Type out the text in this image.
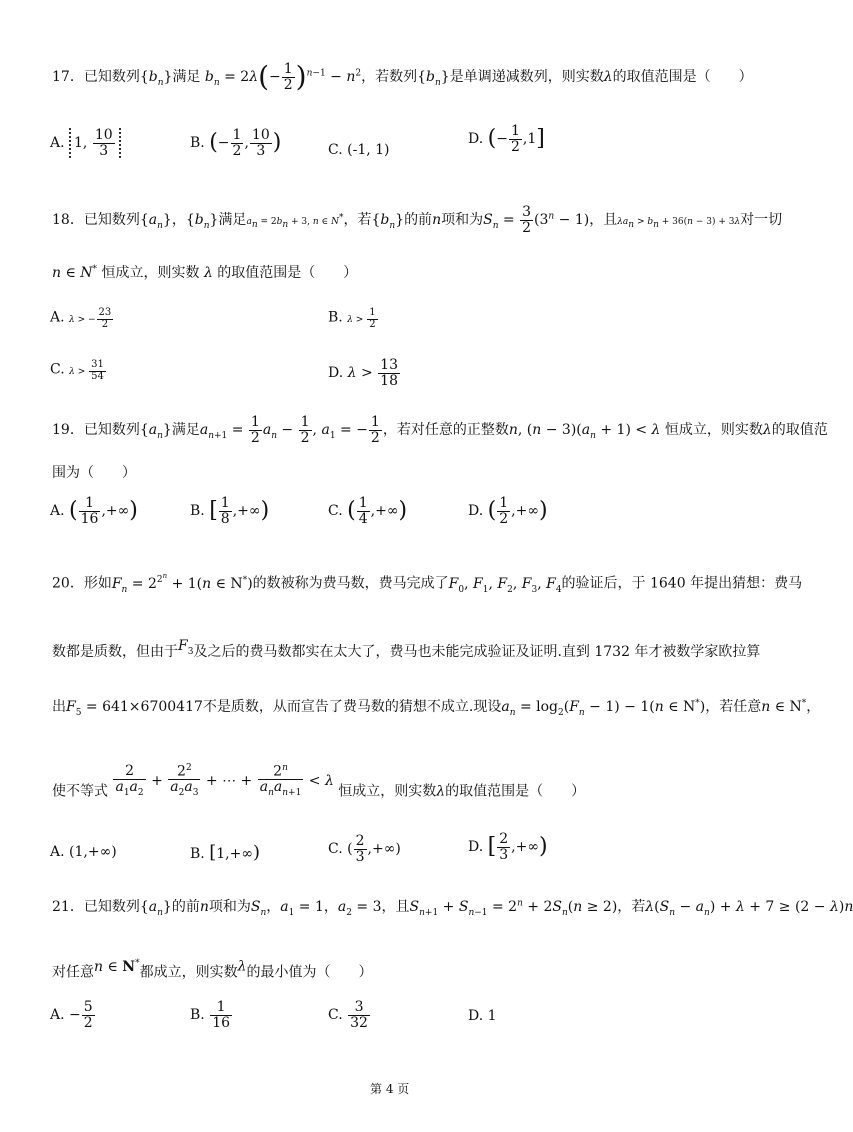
17．已知数列$\{b_n\}$满足 $b_n = 2\lambda(- \frac{1}{2} )^{n-1} - n^2$，若数列$\{b_n\}$是单调递减数列，则实数λ的取值范围是（　　）
A. 1, $\frac{10}{3}$	B. (− $\frac{1}{2}$ , $\frac{10}{3}$ )	C. (-1, 1)
D. (− $\frac{1}{2} ,1$]
18．已知数列$\{a_n\}$，$\{b_n\}$满足$a_n = 2b_n + 3$, n ∈ N*，若$\{b_n\}$的前n项和为$S_n = \frac{3}{2} (3^n - 1)$，且$\lambda a_n > b_n + 36(n - 3) + 3\lambda$对一切
n ∈ N* 恒成立，则实数 λ 的取值范围是（　　）
A. λ > − $\frac{23}{2}$	B. $\lambda > \frac{1}{2}$
C. $\lambda > \frac{31}{54}$	D. $\lambda > \frac{13}{18}$
19．已知数列$\{a_n\}$满足$a_{n+1} = \frac{1}{2} a_n - \frac{1}{2}$ , $a_1$ = − $\frac{1}{2}$ ，若对任意的正整数n, $(n - 3)(a_n + 1) < \lambda$ 恒成立，则实数λ的取值范
围为（　　）
A. ( $\frac{1}{16}$ ,+∞)	B. [ $\frac{1}{8}$ ,+∞)	C. ( $\frac{1}{4}$ ,+∞)	D. ( $\frac{1}{2}$ ,+∞)
20．形如$F_n = 2^{2^n} + 1(n$ ∈ N*)的数被称为费马数，费马完成了$F_0$, $F_1$, $F_2$, $F_3$, $F_4$的验证后，于 1640 年提出猜想：费马
数都是质数，但由于$F_3$及之后的费马数都实在太大了，费马也未能完成验证及证明.直到 1732 年才被数学家欧拉算
出$F_5 = 641\times 6700417$不是质数，从而宣告了费马数的猜想不成立.现设$a_n = \log_2(F_n - 1) - 1(n$ ∈ N*)，若任意n ∈ N*，
使不等式 $\frac{2}{a_1a_2} + \frac{2^2}{a_2a_3}$ + ⋯ + $\frac{2^n}{a_na_{n+1}} < \lambda$ 恒成立，则实数λ的取值范围是（　　）
A. (1,+∞)	B. [1,+∞)	C. ( $\frac{2}{3}$ ,+∞)	D. [ $\frac{2}{3}$ ,+∞)
21．已知数列$\{a_n\}$的前n项和为$S_n$，$a_1 = 1$，$a_2 = 3$，且$S_{n+1} + S_{n-1} = 2^n + 2S_n(n \ge 2)$，若$\lambda(S_n - a_n) + \lambda + 7 \ge (2 - \lambda)n$
对任意n ∈ N*都成立，则实数λ的最小值为（　　）
A. − $\frac{5}{2}$	B. $\frac{1}{16}$	C. $\frac{3}{32}$	D. 1
第 4 页
